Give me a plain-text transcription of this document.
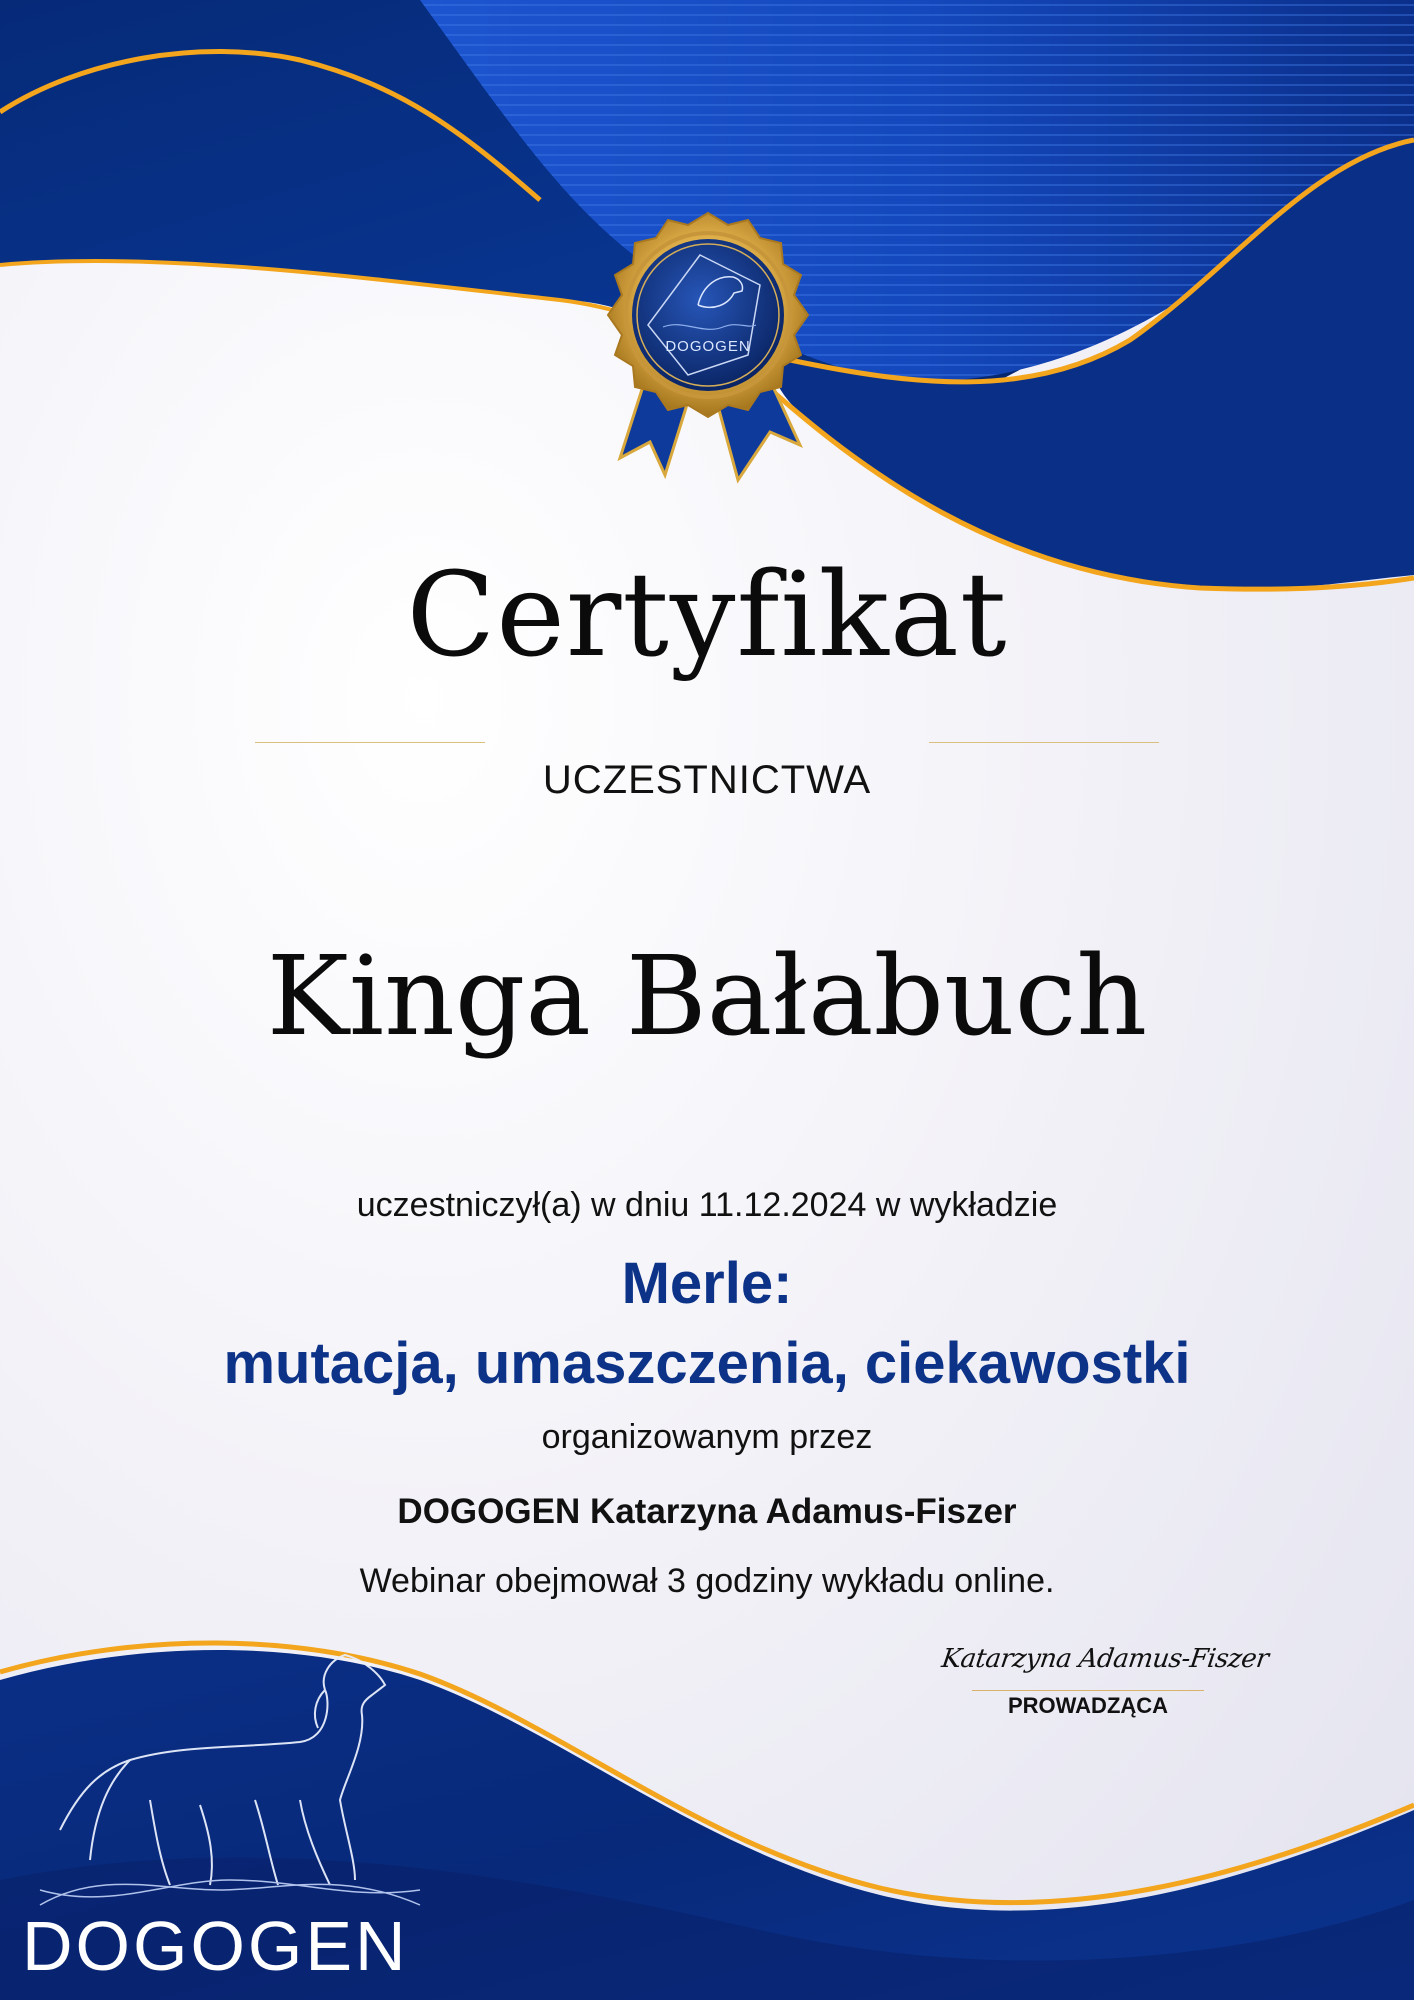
DOGOGEN
Certyfikat
UCZESTNICTWA
Kinga Bałabuch
uczestniczył(a) w dniu 11.12.2024 w wykładzie
Merle:
mutacja, umaszczenia, ciekawostki
organizowanym przez
DOGOGEN Katarzyna Adamus-Fiszer
Webinar obejmował 3 godziny wykładu online.
Katarzyna Adamus-Fiszer
PROWADZĄCA
DOGOGEN
